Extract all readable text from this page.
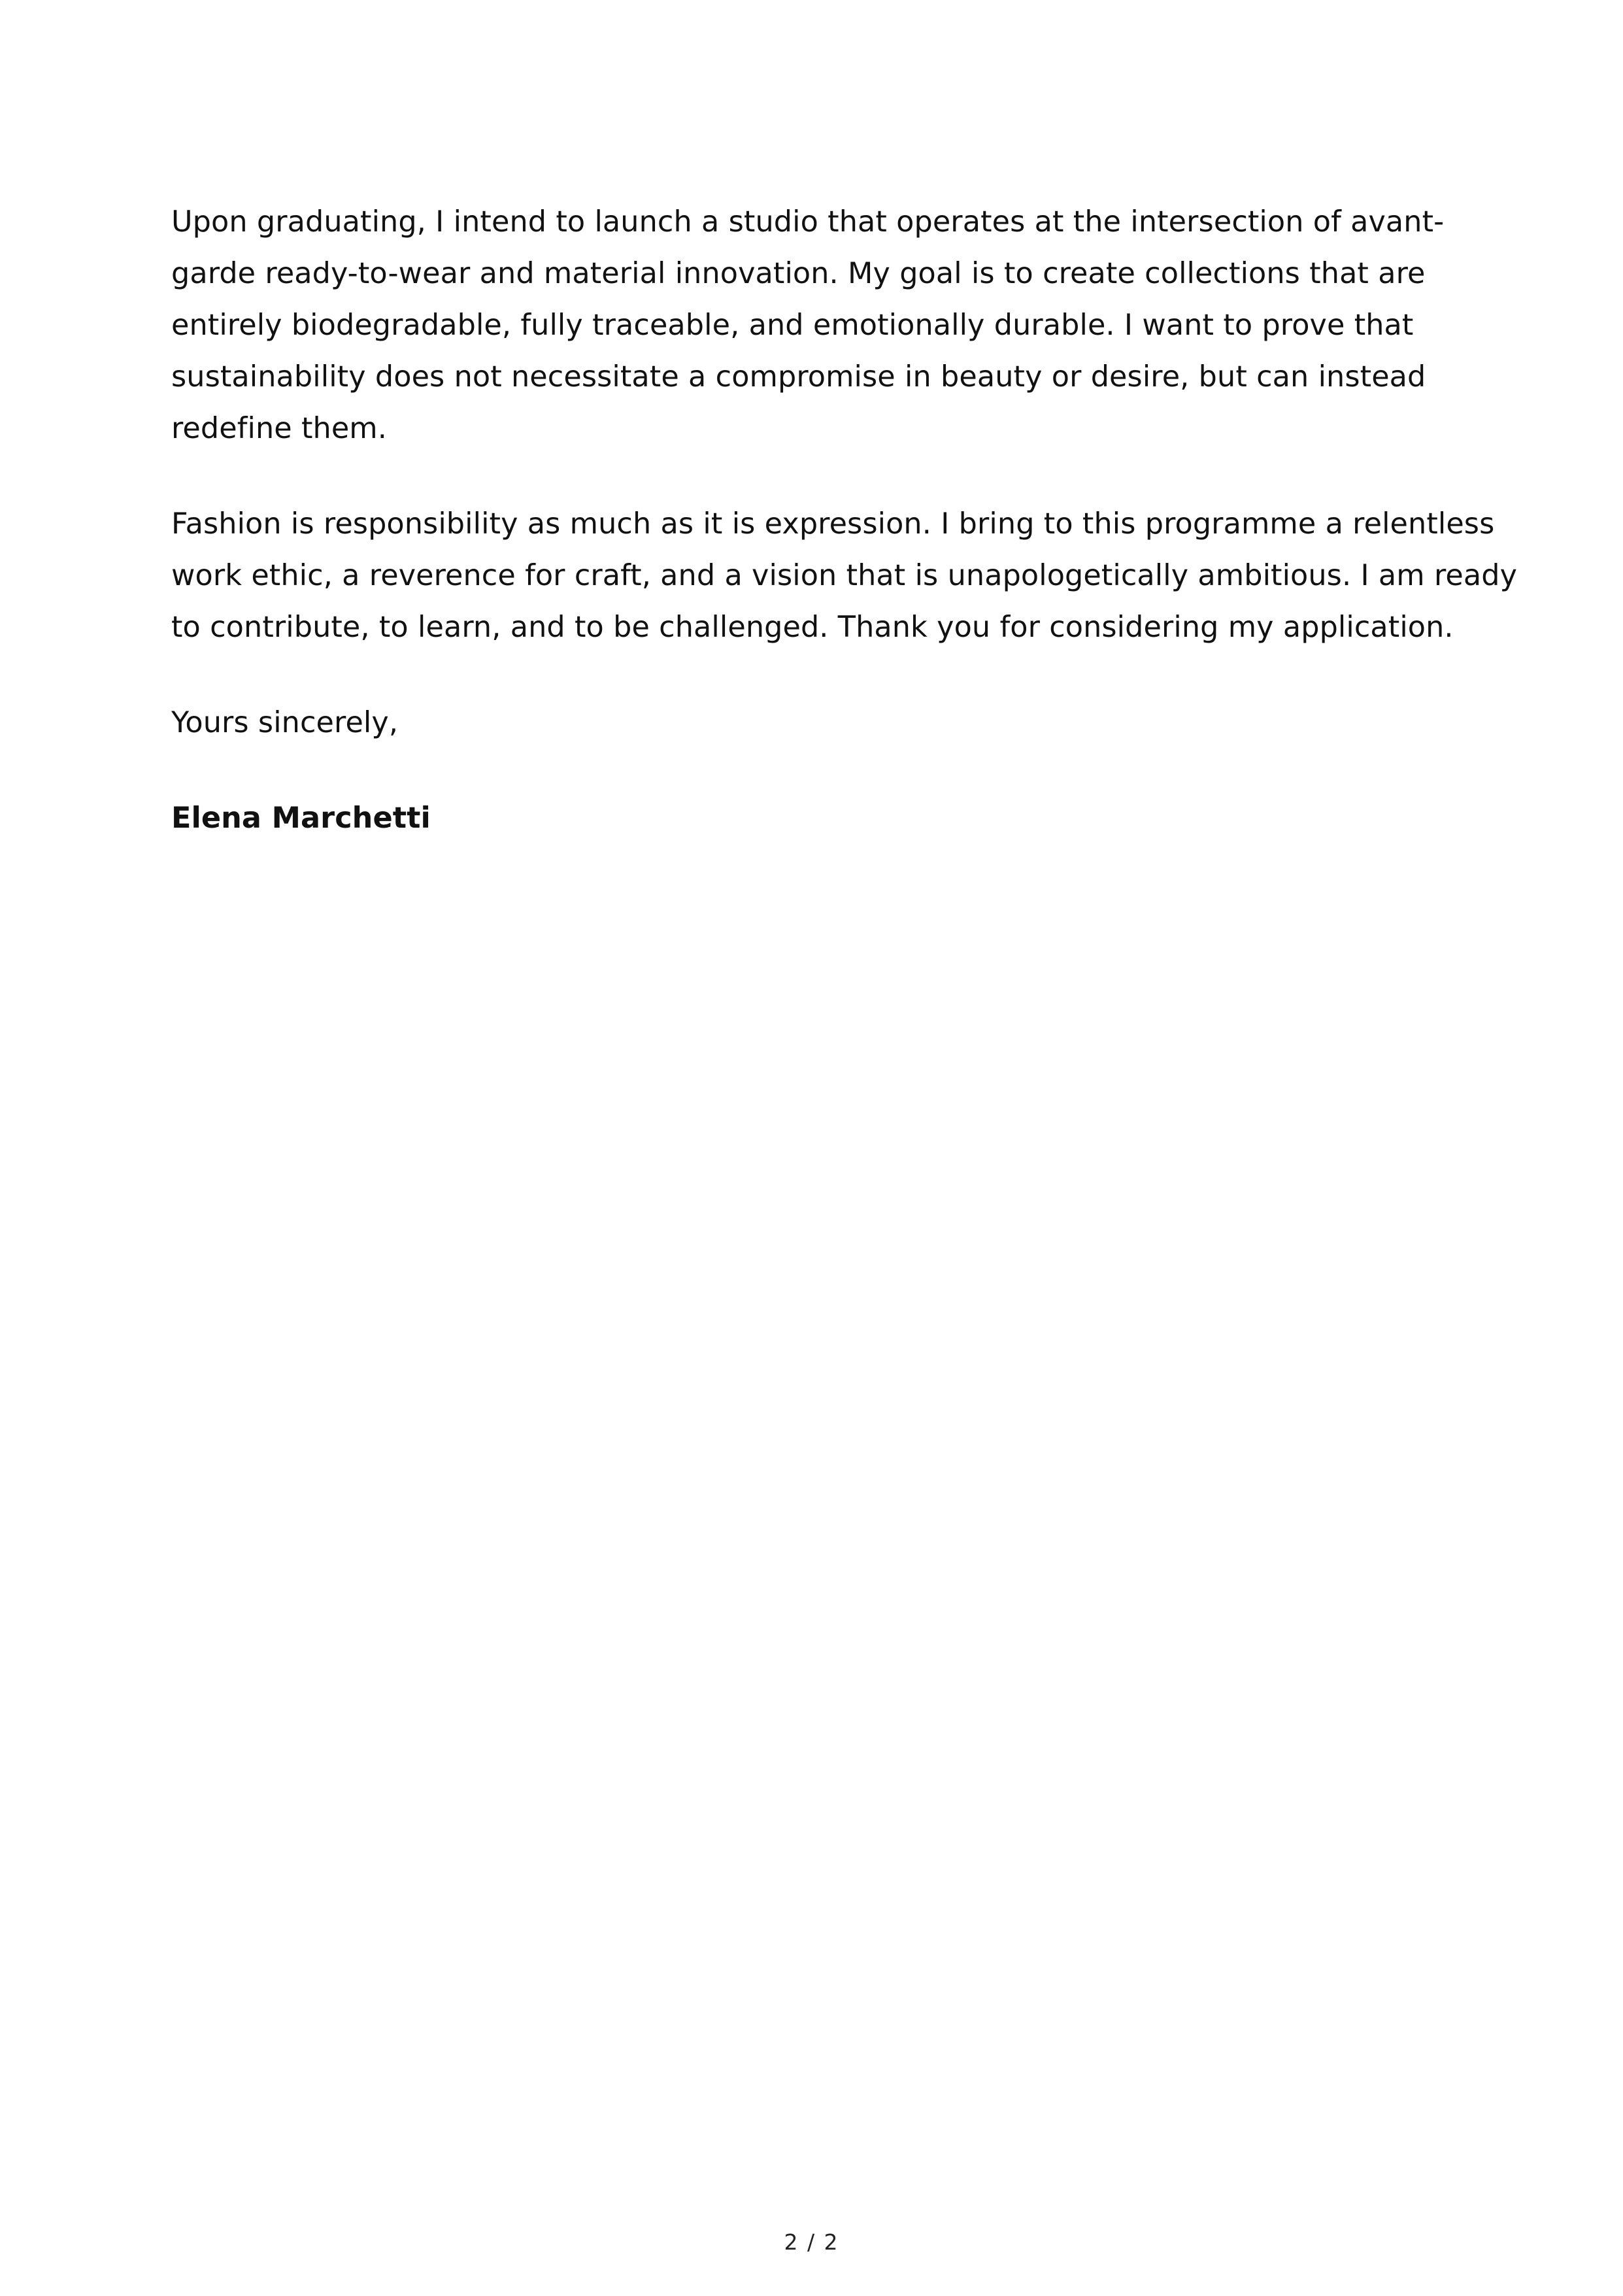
Upon graduating, I intend to launch a studio that operates at the intersection of avant-
garde ready-to-wear and material innovation. My goal is to create collections that are
entirely biodegradable, fully traceable, and emotionally durable. I want to prove that
sustainability does not necessitate a compromise in beauty or desire, but can instead
redefine them.

Fashion is responsibility as much as it is expression. I bring to this programme a relentless
work ethic, a reverence for craft, and a vision that is unapologetically ambitious. I am ready
to contribute, to learn, and to be challenged. Thank you for considering my application.

Yours sincerely,

Elena Marchetti

2 / 2
